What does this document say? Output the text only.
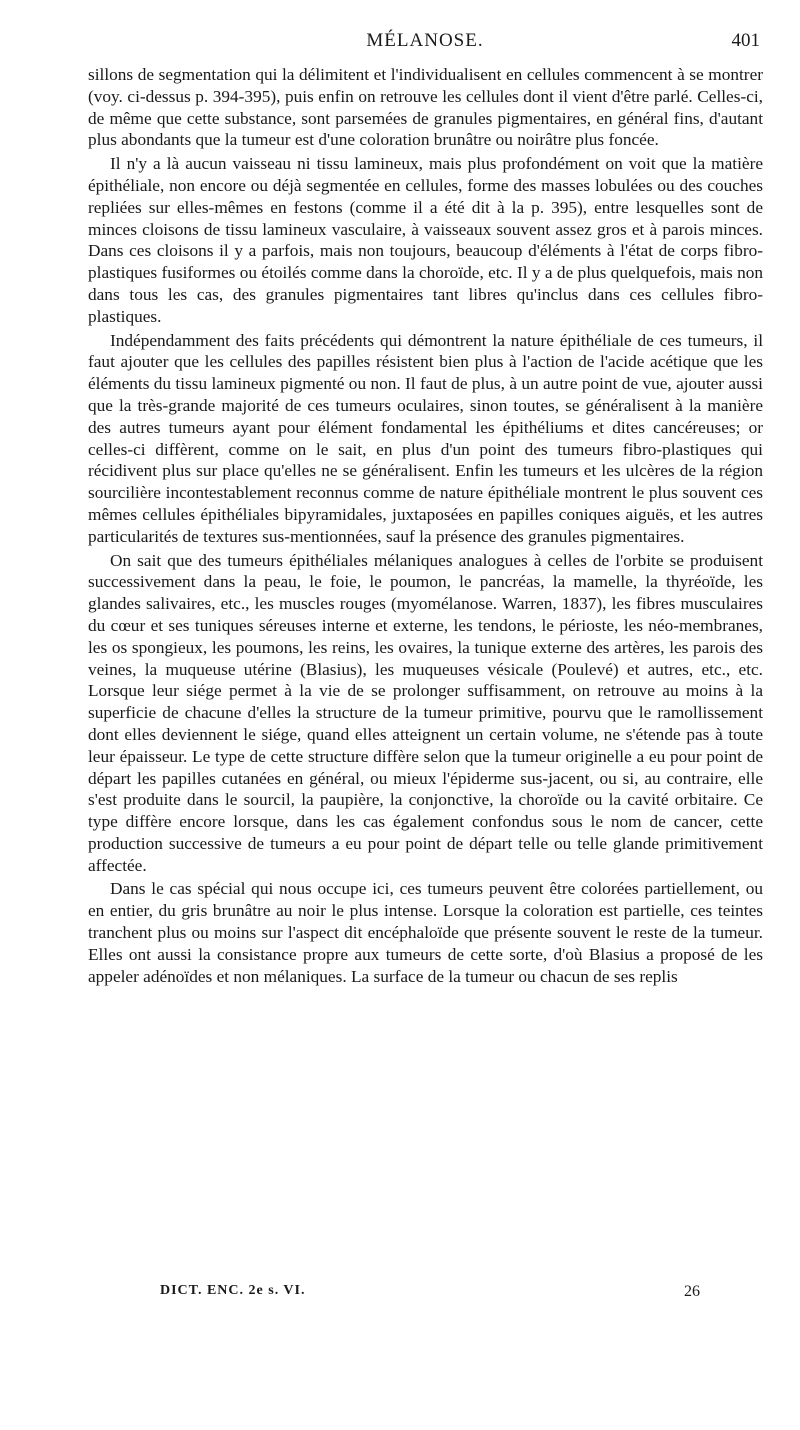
MÉLANOSE.	401

sillons de segmentation qui la délimitent et l'individualisent en cellules commencent à se montrer (voy. ci-dessus p. 394-395), puis enfin on retrouve les cellules dont il vient d'être parlé. Celles-ci, de même que cette substance, sont parsemées de granules pigmentaires, en général fins, d'autant plus abondants que la tumeur est d'une coloration brunâtre ou noirâtre plus foncée.

Il n'y a là aucun vaisseau ni tissu lamineux, mais plus profondément on voit que la matière épithéliale, non encore ou déjà segmentée en cellules, forme des masses lobulées ou des couches repliées sur elles-mêmes en festons (comme il a été dit à la p. 395), entre lesquelles sont de minces cloisons de tissu lamineux vasculaire, à vaisseaux souvent assez gros et à parois minces. Dans ces cloisons il y a parfois, mais non toujours, beaucoup d'éléments à l'état de corps fibro-plastiques fusiformes ou étoilés comme dans la choroïde, etc. Il y a de plus quelquefois, mais non dans tous les cas, des granules pigmentaires tant libres qu'inclus dans ces cellules fibro-plastiques.

Indépendamment des faits précédents qui démontrent la nature épithéliale de ces tumeurs, il faut ajouter que les cellules des papilles résistent bien plus à l'action de l'acide acétique que les éléments du tissu lamineux pigmenté ou non. Il faut de plus, à un autre point de vue, ajouter aussi que la très-grande majorité de ces tumeurs oculaires, sinon toutes, se généralisent à la manière des autres tumeurs ayant pour élément fondamental les épithéliums et dites cancéreuses; or celles-ci diffèrent, comme on le sait, en plus d'un point des tumeurs fibro-plastiques qui récidivent plus sur place qu'elles ne se généralisent. Enfin les tumeurs et les ulcères de la région sourcilière incontestablement reconnus comme de nature épithéliale montrent le plus souvent ces mêmes cellules épithéliales bipyramidales, juxtaposées en papilles coniques aiguës, et les autres particularités de textures sus-mentionnées, sauf la présence des granules pigmentaires.

On sait que des tumeurs épithéliales mélaniques analogues à celles de l'orbite se produisent successivement dans la peau, le foie, le poumon, le pancréas, la mamelle, la thyréoïde, les glandes salivaires, etc., les muscles rouges (myomélanose. Warren, 1837), les fibres musculaires du cœur et ses tuniques séreuses interne et externe, les tendons, le périoste, les néo-membranes, les os spongieux, les poumons, les reins, les ovaires, la tunique externe des artères, les parois des veines, la muqueuse utérine (Blasius), les muqueuses vésicale (Poulevé) et autres, etc., etc. Lorsque leur siége permet à la vie de se prolonger suffisamment, on retrouve au moins à la superficie de chacune d'elles la structure de la tumeur primitive, pourvu que le ramollissement dont elles deviennent le siége, quand elles atteignent un certain volume, ne s'étende pas à toute leur épaisseur. Le type de cette structure diffère selon que la tumeur originelle a eu pour point de départ les papilles cutanées en général, ou mieux l'épiderme sus-jacent, ou si, au contraire, elle s'est produite dans le sourcil, la paupière, la conjonctive, la choroïde ou la cavité orbitaire. Ce type diffère encore lorsque, dans les cas également confondus sous le nom de cancer, cette production successive de tumeurs a eu pour point de départ telle ou telle glande primitivement affectée.

Dans le cas spécial qui nous occupe ici, ces tumeurs peuvent être colorées partiellement, ou en entier, du gris brunâtre au noir le plus intense. Lorsque la coloration est partielle, ces teintes tranchent plus ou moins sur l'aspect dit encéphaloïde que présente souvent le reste de la tumeur. Elles ont aussi la consistance propre aux tumeurs de cette sorte, d'où Blasius a proposé de les appeler adénoïdes et non mélaniques. La surface de la tumeur ou chacun de ses replis

DICT. ENC. 2e s. VI.	26
